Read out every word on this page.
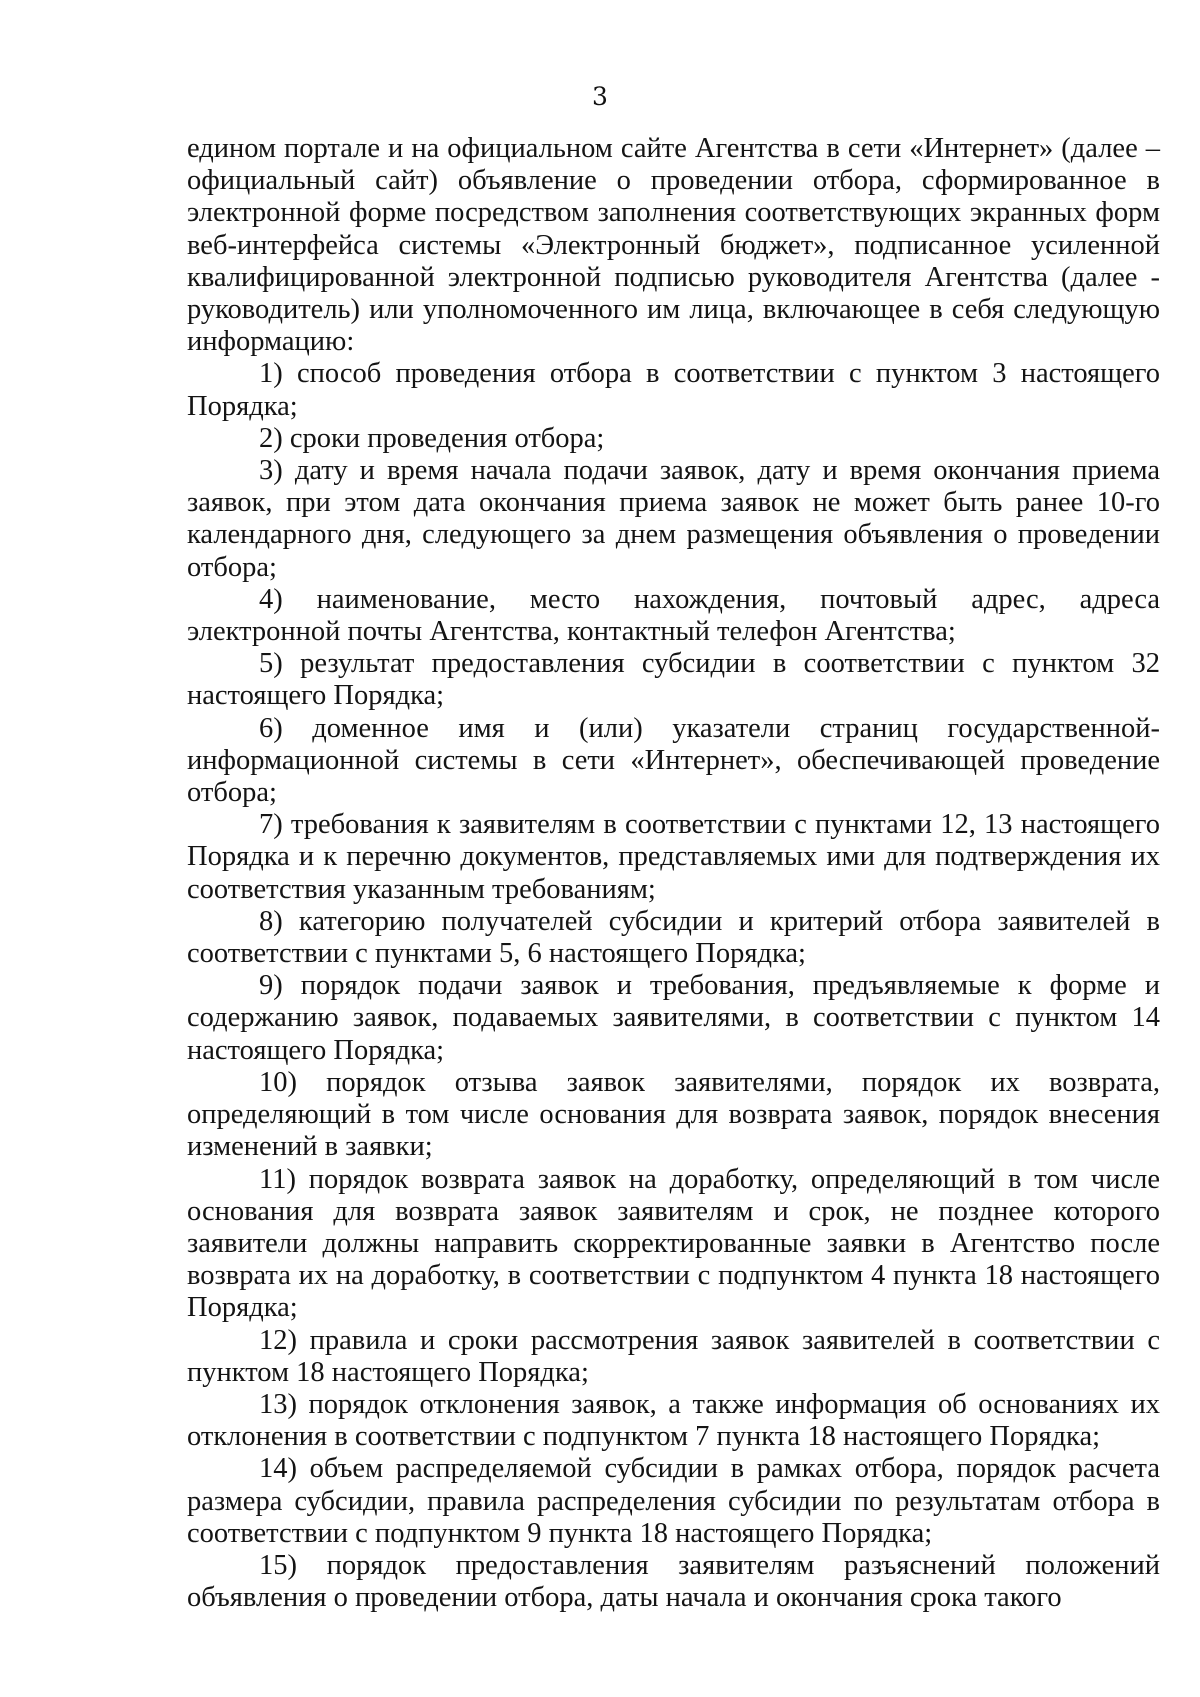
3

едином портале и на официальном сайте Агентства в сети «Интернет» (далее – официальный сайт) объявление о проведении отбора, сформированное в электронной форме посредством заполнения соответствующих экранных форм веб-интерфейса системы «Электронный бюджет», подписанное усиленной квалифицированной электронной подписью руководителя Агентства (далее - руководитель) или уполномоченного им лица, включающее в себя следующую информацию:

1) способ проведения отбора в соответствии с пунктом 3 настоящего Порядка;

2) сроки проведения отбора;

3) дату и время начала подачи заявок, дату и время окончания приема заявок, при этом дата окончания приема заявок не может быть ранее 10-го календарного дня, следующего за днем размещения объявления о проведении отбора;

4) наименование, место нахождения, почтовый адрес, адреса электронной почты Агентства, контактный телефон Агентства;

5) результат предоставления субсидии в соответствии с пунктом 32 настоящего Порядка;

6) доменное имя и (или) указатели страниц государственной-информационной системы в сети «Интернет», обеспечивающей проведение отбора;

7) требования к заявителям в соответствии с пунктами 12, 13 настоящего Порядка и к перечню документов, представляемых ими для подтверждения их соответствия указанным требованиям;

8) категорию получателей субсидии и критерий отбора заявителей в соответствии с пунктами 5, 6 настоящего Порядка;

9) порядок подачи заявок и требования, предъявляемые к форме и содержанию заявок, подаваемых заявителями, в соответствии с пунктом 14 настоящего Порядка;

10) порядок отзыва заявок заявителями, порядок их возврата, определяющий в том числе основания для возврата заявок, порядок внесения изменений в заявки;

11) порядок возврата заявок на доработку, определяющий в том числе основания для возврата заявок заявителям и срок, не позднее которого заявители должны направить скорректированные заявки в Агентство после возврата их на доработку, в соответствии с подпунктом 4 пункта 18 настоящего Порядка;

12) правила и сроки рассмотрения заявок заявителей в соответствии с пунктом 18 настоящего Порядка;

13) порядок отклонения заявок, а также информация об основаниях их отклонения в соответствии с подпунктом 7 пункта 18 настоящего Порядка;

14) объем распределяемой субсидии в рамках отбора, порядок расчета размера субсидии, правила распределения субсидии по результатам отбора в соответствии с подпунктом 9 пункта 18 настоящего Порядка;

15) порядок предоставления заявителям разъяснений положений объявления о проведении отбора, даты начала и окончания срока такого
